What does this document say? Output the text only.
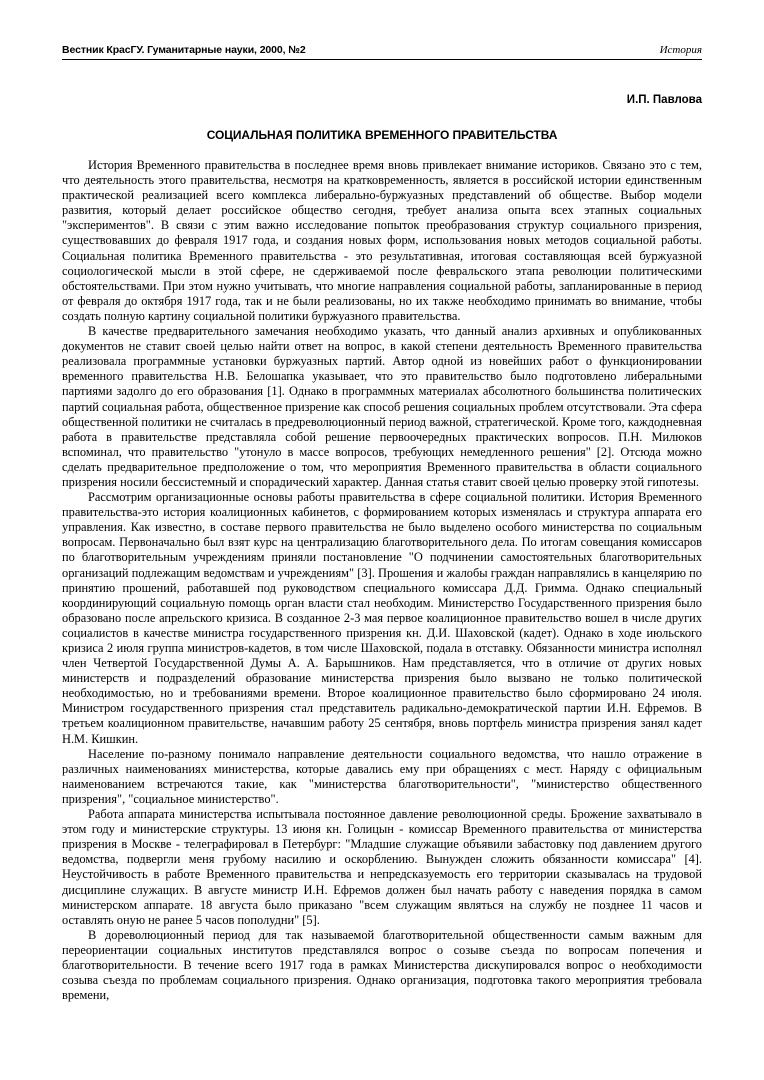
Вестник КрасГУ. Гуманитарные науки, 2000, №2	История
И.П. Павлова
СОЦИАЛЬНАЯ ПОЛИТИКА ВРЕМЕННОГО ПРАВИТЕЛЬСТВА

История Временного правительства в последнее время вновь привлекает внимание историков. Связано это с тем, что деятельность этого правительства, несмотря на кратковременность, является в российской истории единственным практической реализацией всего комплекса либерально-буржуазных представлений об обществе. Выбор модели развития, который делает российское общество сегодня, требует анализа опыта всех этапных социальных "экспериментов". В связи с этим важно исследование попыток преобразования структур социального призрения, существовавших до февраля 1917 года, и создания новых форм, использования новых методов социальной работы. Социальная политика Временного правительства - это результативная, итоговая составляющая всей буржуазной социологической мысли в этой сфере, не сдерживаемой после февральского этапа революции политическими обстоятельствами. При этом нужно учитывать, что многие направления социальной работы, запланированные в период от февраля до октября 1917 года, так и не были реализованы, но их также необходимо принимать во внимание, чтобы создать полную картину социальной политики буржуазного правительства.

В качестве предварительного замечания необходимо указать, что данный анализ архивных и опубликованных документов не ставит своей целью найти ответ на вопрос, в какой степени деятельность Временного правительства реализовала программные установки буржуазных партий. Автор одной из новейших работ о функционировании временного правительства Н.В. Белошапка указывает, что это правительство было подготовлено либеральными партиями задолго до его образования [1]. Однако в программных материалах абсолютного большинства политических партий социальная работа, общественное призрение как способ решения социальных проблем отсутствовали. Эта сфера общественной политики не считалась в предреволюционный период важной, стратегической. Кроме того, каждодневная работа в правительстве представляла собой решение первоочередных практических вопросов. П.Н. Милюков вспоминал, что правительство "утонуло в массе вопросов, требующих немедленного решения" [2]. Отсюда можно сделать предварительное предположение о том, что мероприятия Временного правительства в области социального призрения носили бессистемный и спорадический характер. Данная статья ставит своей целью проверку этой гипотезы.

Рассмотрим организационные основы работы правительства в сфере социальной политики. История Временного правительства-это история коалиционных кабинетов, с формированием которых изменялась и структура аппарата его управления. Как известно, в составе первого правительства не было выделено особого министерства по социальным вопросам. Первоначально был взят курс на централизацию благотворительного дела. По итогам совещания комиссаров по благотворительным учреждениям приняли постановление "О подчинении самостоятельных благотворительных организаций подлежащим ведомствам и учреждениям" [3]. Прошения и жалобы граждан направлялись в канцелярию по принятию прошений, работавшей под руководством специального комиссара Д.Д. Гримма. Однако специальный координирующий социальную помощь орган власти стал необходим. Министерство Государственного призрения было образовано после апрельского кризиса. В созданное 2-3 мая первое коалиционное правительство вошел в числе других социалистов в качестве министра государственного призрения кн. Д.И. Шаховской (кадет). Однако в ходе июльского кризиса 2 июля группа министров-кадетов, в том числе Шаховской, подала в отставку. Обязанности министра исполнял член Четвертой Государственной Думы А. А. Барышников. Нам представляется, что в отличие от других новых министерств и подразделений образование министерства призрения было вызвано не только политической необходимостью, но и требованиями времени. Второе коалиционное правительство было сформировано 24 июля. Министром государственного призрения стал представитель радикально-демократической партии И.Н. Ефремов. В третьем коалиционном правительстве, начавшим работу 25 сентября, вновь портфель министра призрения занял кадет Н.М. Кишкин.

Население по-разному понимало направление деятельности социального ведомства, что нашло отражение в различных наименованиях министерства, которые давались ему при обращениях с мест. Наряду с официальным наименованием встречаются такие, как "министерства благотворительности", "министерство общественного призрения", "социальное министерство".

Работа аппарата министерства испытывала постоянное давление революционной среды. Брожение захватывало в этом году и министерские структуры. 13 июня кн. Голицын - комиссар Временного правительства от министерства призрения в Москве - телеграфировал в Петербург: "Младшие служащие объявили забастовку под давлением другого ведомства, подвергли меня грубому насилию и оскорблению. Вынужден сложить обязанности комиссара" [4]. Неустойчивость в работе Временного правительства и непредсказуемость его территории сказывалась на трудовой дисциплине служащих. В августе министр И.Н. Ефремов должен был начать работу с наведения порядка в самом министерском аппарате. 18 августа было приказано "всем служащим являться на службу не позднее 11 часов и оставлять оную не ранее 5 часов пополудни" [5].

В дореволюционный период для так называемой благотворительной общественности самым важным для переориентации социальных институтов представлялся вопрос о созыве съезда по вопросам попечения и благотворительности. В течение всего 1917 года в рамках Министерства дискупировался вопрос о необходимости созыва съезда по проблемам социального призрения. Однако организация, подготовка такого мероприятия требовала времени,
